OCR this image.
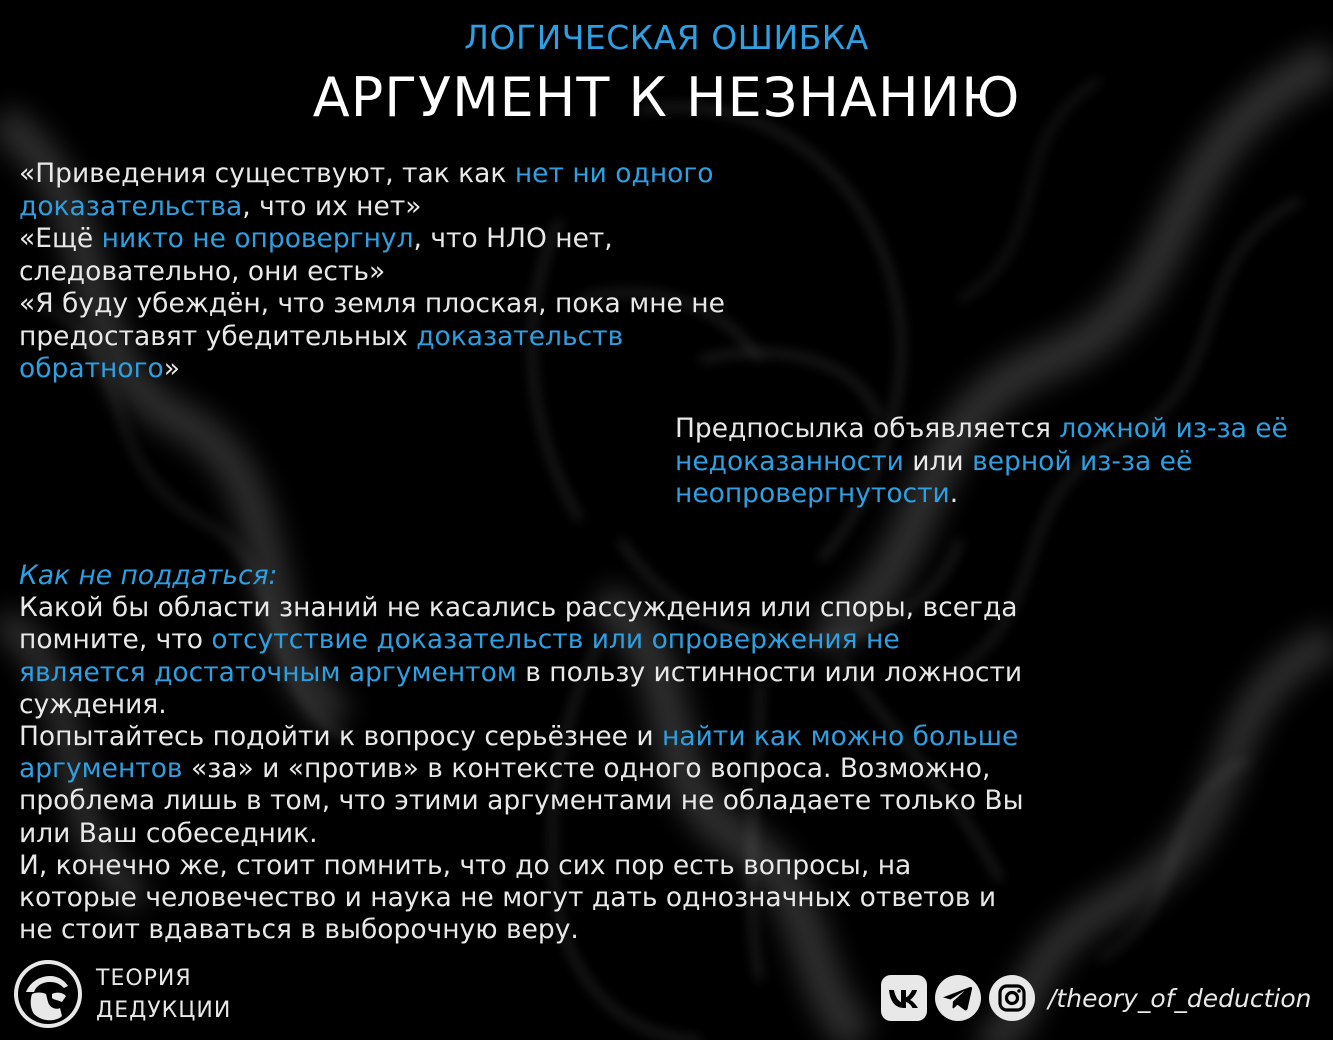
ЛОГИЧЕСКАЯ ОШИБКА
АРГУМЕНТ К НЕЗНАНИЮ
«Приведения существуют, так как нет ни одного доказательства, что их нет»
«Ещё никто не опровергнул, что НЛО нет, следовательно, они есть»
«Я буду убеждён, что земля плоская, пока мне не предоставят убедительных доказательств обратного»
Предпосылка объявляется ложной из-за её недоказанности или верной из-за её неопровергнутости.
Как не поддаться:
Какой бы области знаний не касались рассуждения или споры, всегда помните, что отсутствие доказательств или опровержения не является достаточным аргументом в пользу истинности или ложности суждения.
Попытайтесь подойти к вопросу серьёзнее и найти как можно больше аргументов «за» и «против» в контексте одного вопроса. Возможно, проблема лишь в том, что этими аргументами не обладаете только Вы или Ваш собеседник.
И, конечно же, стоит помнить, что до сих пор есть вопросы, на которые человечество и наука не могут дать однозначных ответов и не стоит вдаваться в выборочную веру.
ТЕОРИЯ
ДЕДУКЦИИ	/theory_of_deduction
